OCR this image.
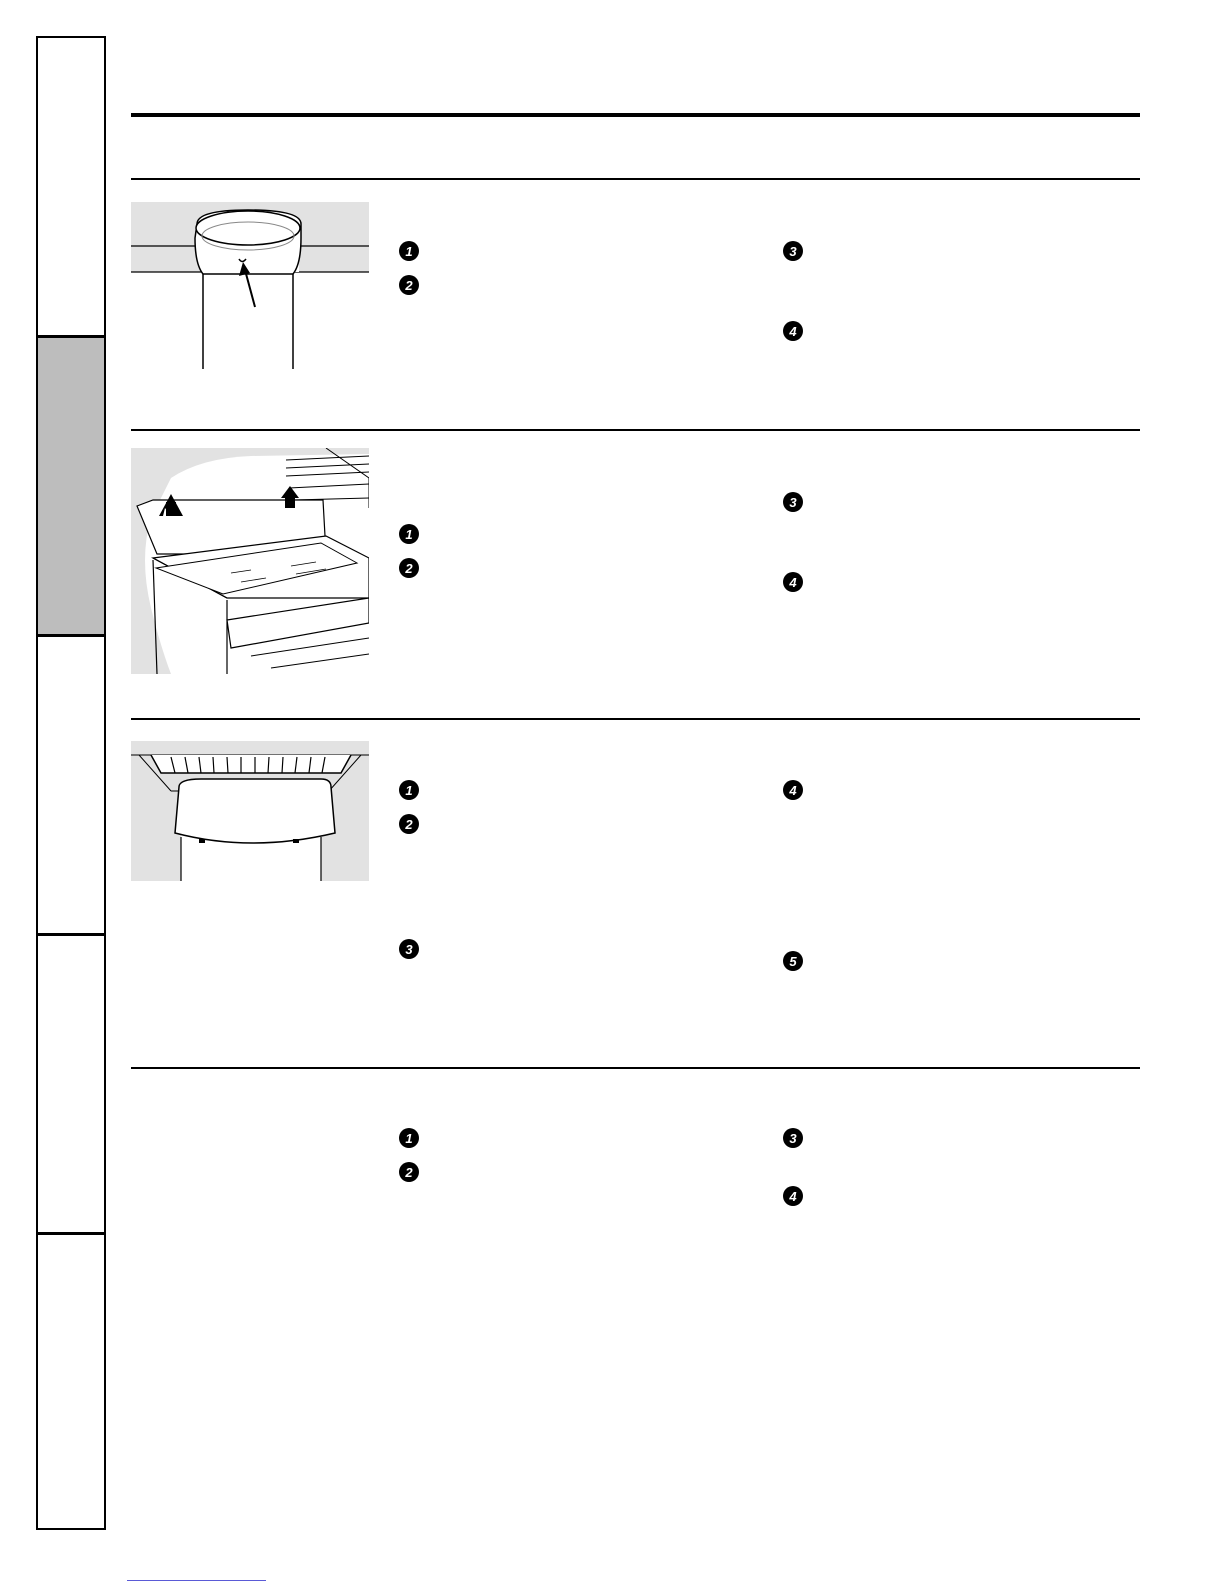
1
2
3
4
1
2
3
4
1
2
3
4
5
1
2
3
4
